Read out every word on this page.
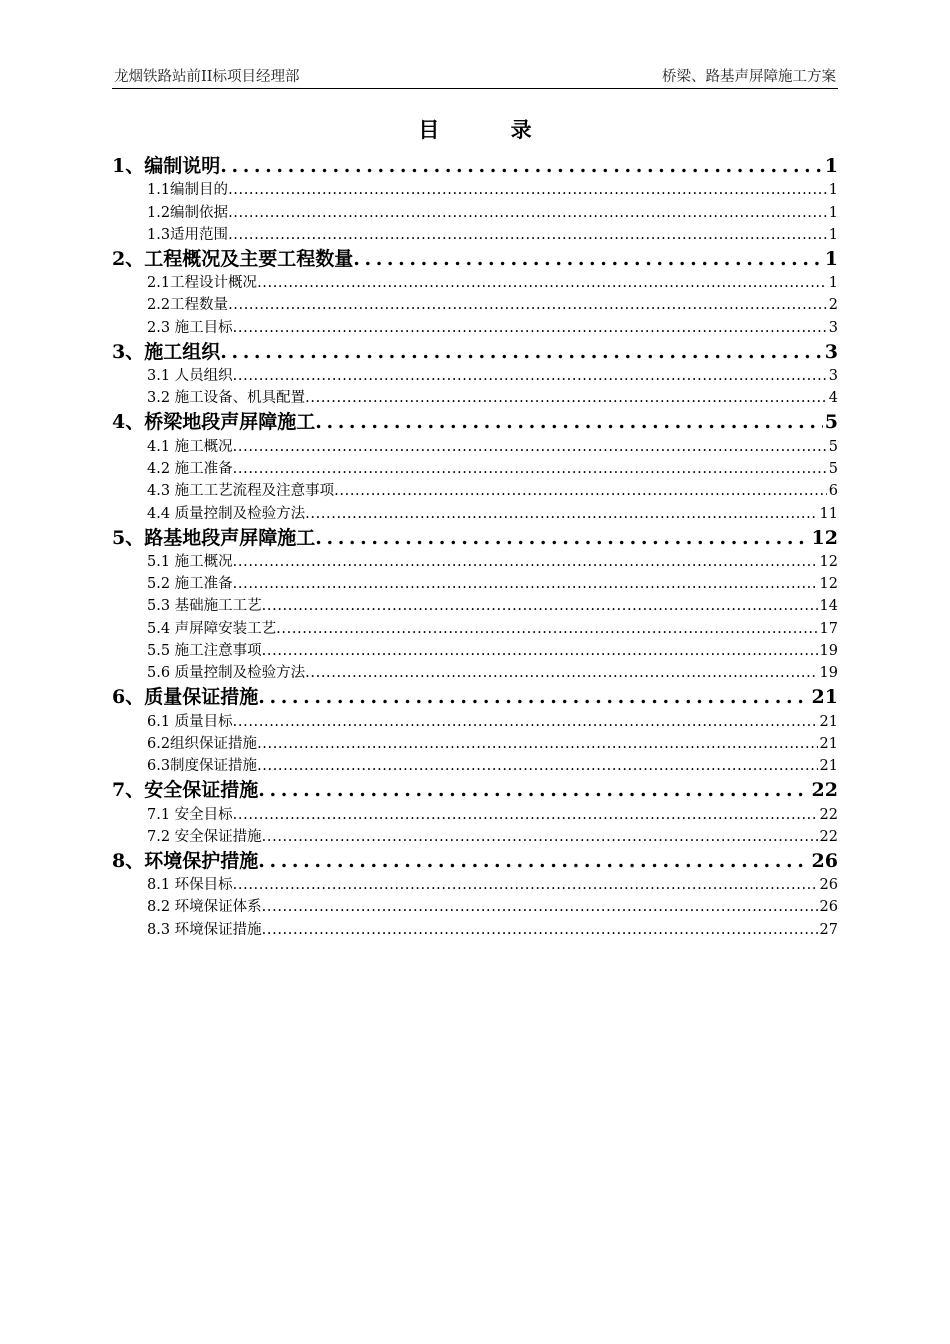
龙烟铁路站前II标项目经理部	桥梁、路基声屏障施工方案
目 录
1、编制说明 . . .	1
1.1编制目的 . . .	1
1.2编制依据 . . .	1
1.3适用范围 . . .	1
2、工程概况及主要工程数量 . . .	1
2.1工程设计概况 . . .	1
2.2工程数量 . . .	2
2.3 施工目标 . . .	3
3、施工组织 . . .	3
3.1 人员组织 . . .	3
3.2 施工设备、机具配置 . . .	4
4、桥梁地段声屏障施工 . . .	5
4.1 施工概况 . . .	5
4.2 施工准备 . . .	5
4.3 施工工艺流程及注意事项 . . .	6
4.4 质量控制及检验方法 . . .	11
5、路基地段声屏障施工 . . .	12
5.1 施工概况 . . .	12
5.2 施工准备 . . .	12
5.3 基础施工工艺 . . .	14
5.4 声屏障安装工艺 . . .	17
5.5 施工注意事项 . . .	19
5.6 质量控制及检验方法 . . .	19
6、质量保证措施 . . .	21
6.1 质量目标 . . .	21
6.2组织保证措施 . . .	21
6.3制度保证措施 . . .	21
7、安全保证措施 . . .	22
7.1 安全目标 . . .	22
7.2 安全保证措施 . . .	22
8、环境保护措施 . . .	26
8.1 环保目标 . . .	26
8.2 环境保证体系 . . .	26
8.3 环境保证措施 . . .	27
